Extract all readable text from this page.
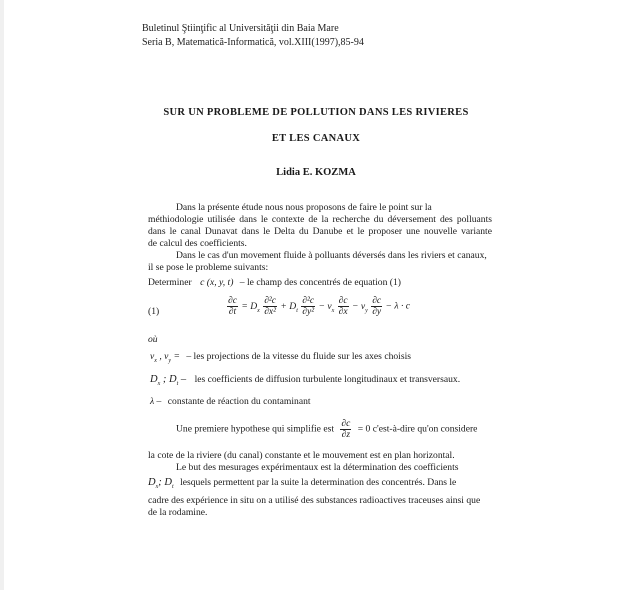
Buletinul Ştiinţific al Universităţii din Baia Mare
Seria B, Matematică-Informatică, vol.XIII(1997),85-94
SUR UN PROBLEME DE POLLUTION DANS LES RIVIERES
ET LES CANAUX
Lidia E. KOZMA
Dans la présente étude nous nous proposons de faire le point sur la
méthiodologie utilisée dans le contexte de la recherche du déversement des polluants
dans le canal Dunavat dans le Delta du Danube et le proposer une nouvelle variante
de calcul des coefficients.
Dans le cas d'un movement fluide à polluants déversés dans les riviers et canaux,
il se pose le probleme suivants:
Determiner c (x, y, t) – le champ des concentrés de equation (1)
(1)	$\frac{\partial c}{\partial t} = D_x \frac{\text{∂²c}}{\text{∂x²}} + D_t \frac{\text{∂²c}}{\text{∂y²}} - v_x \frac{\partial c}{\partial x} - v_y \frac{\partial c}{\partial y} - \lambda \cdot c$
où
$v_x$ , $v_y$ = – les projections de la vitesse du fluide sur les axes choisis
$D_x$ ; $D_t$ – les coefficients de diffusion turbulente longitudinaux et transversaux.
λ – constante de réaction du contaminant
Une premiere hypothese qui simplifie est $\frac{\partial c}{\partial z} = 0$ c'est-à-dire qu'on considere
la cote de la riviere (du canal) constante et le mouvement est en plan horizontal.
Le but des mesurages expérimentaux est la détermination des coefficients
$D_x$; $D_t$ lesquels permettent par la suite la determination des concentrés. Dans le
cadre des expérience in situ on a utilisé des substances radioactives traceuses ainsi que
de la rodamine.
